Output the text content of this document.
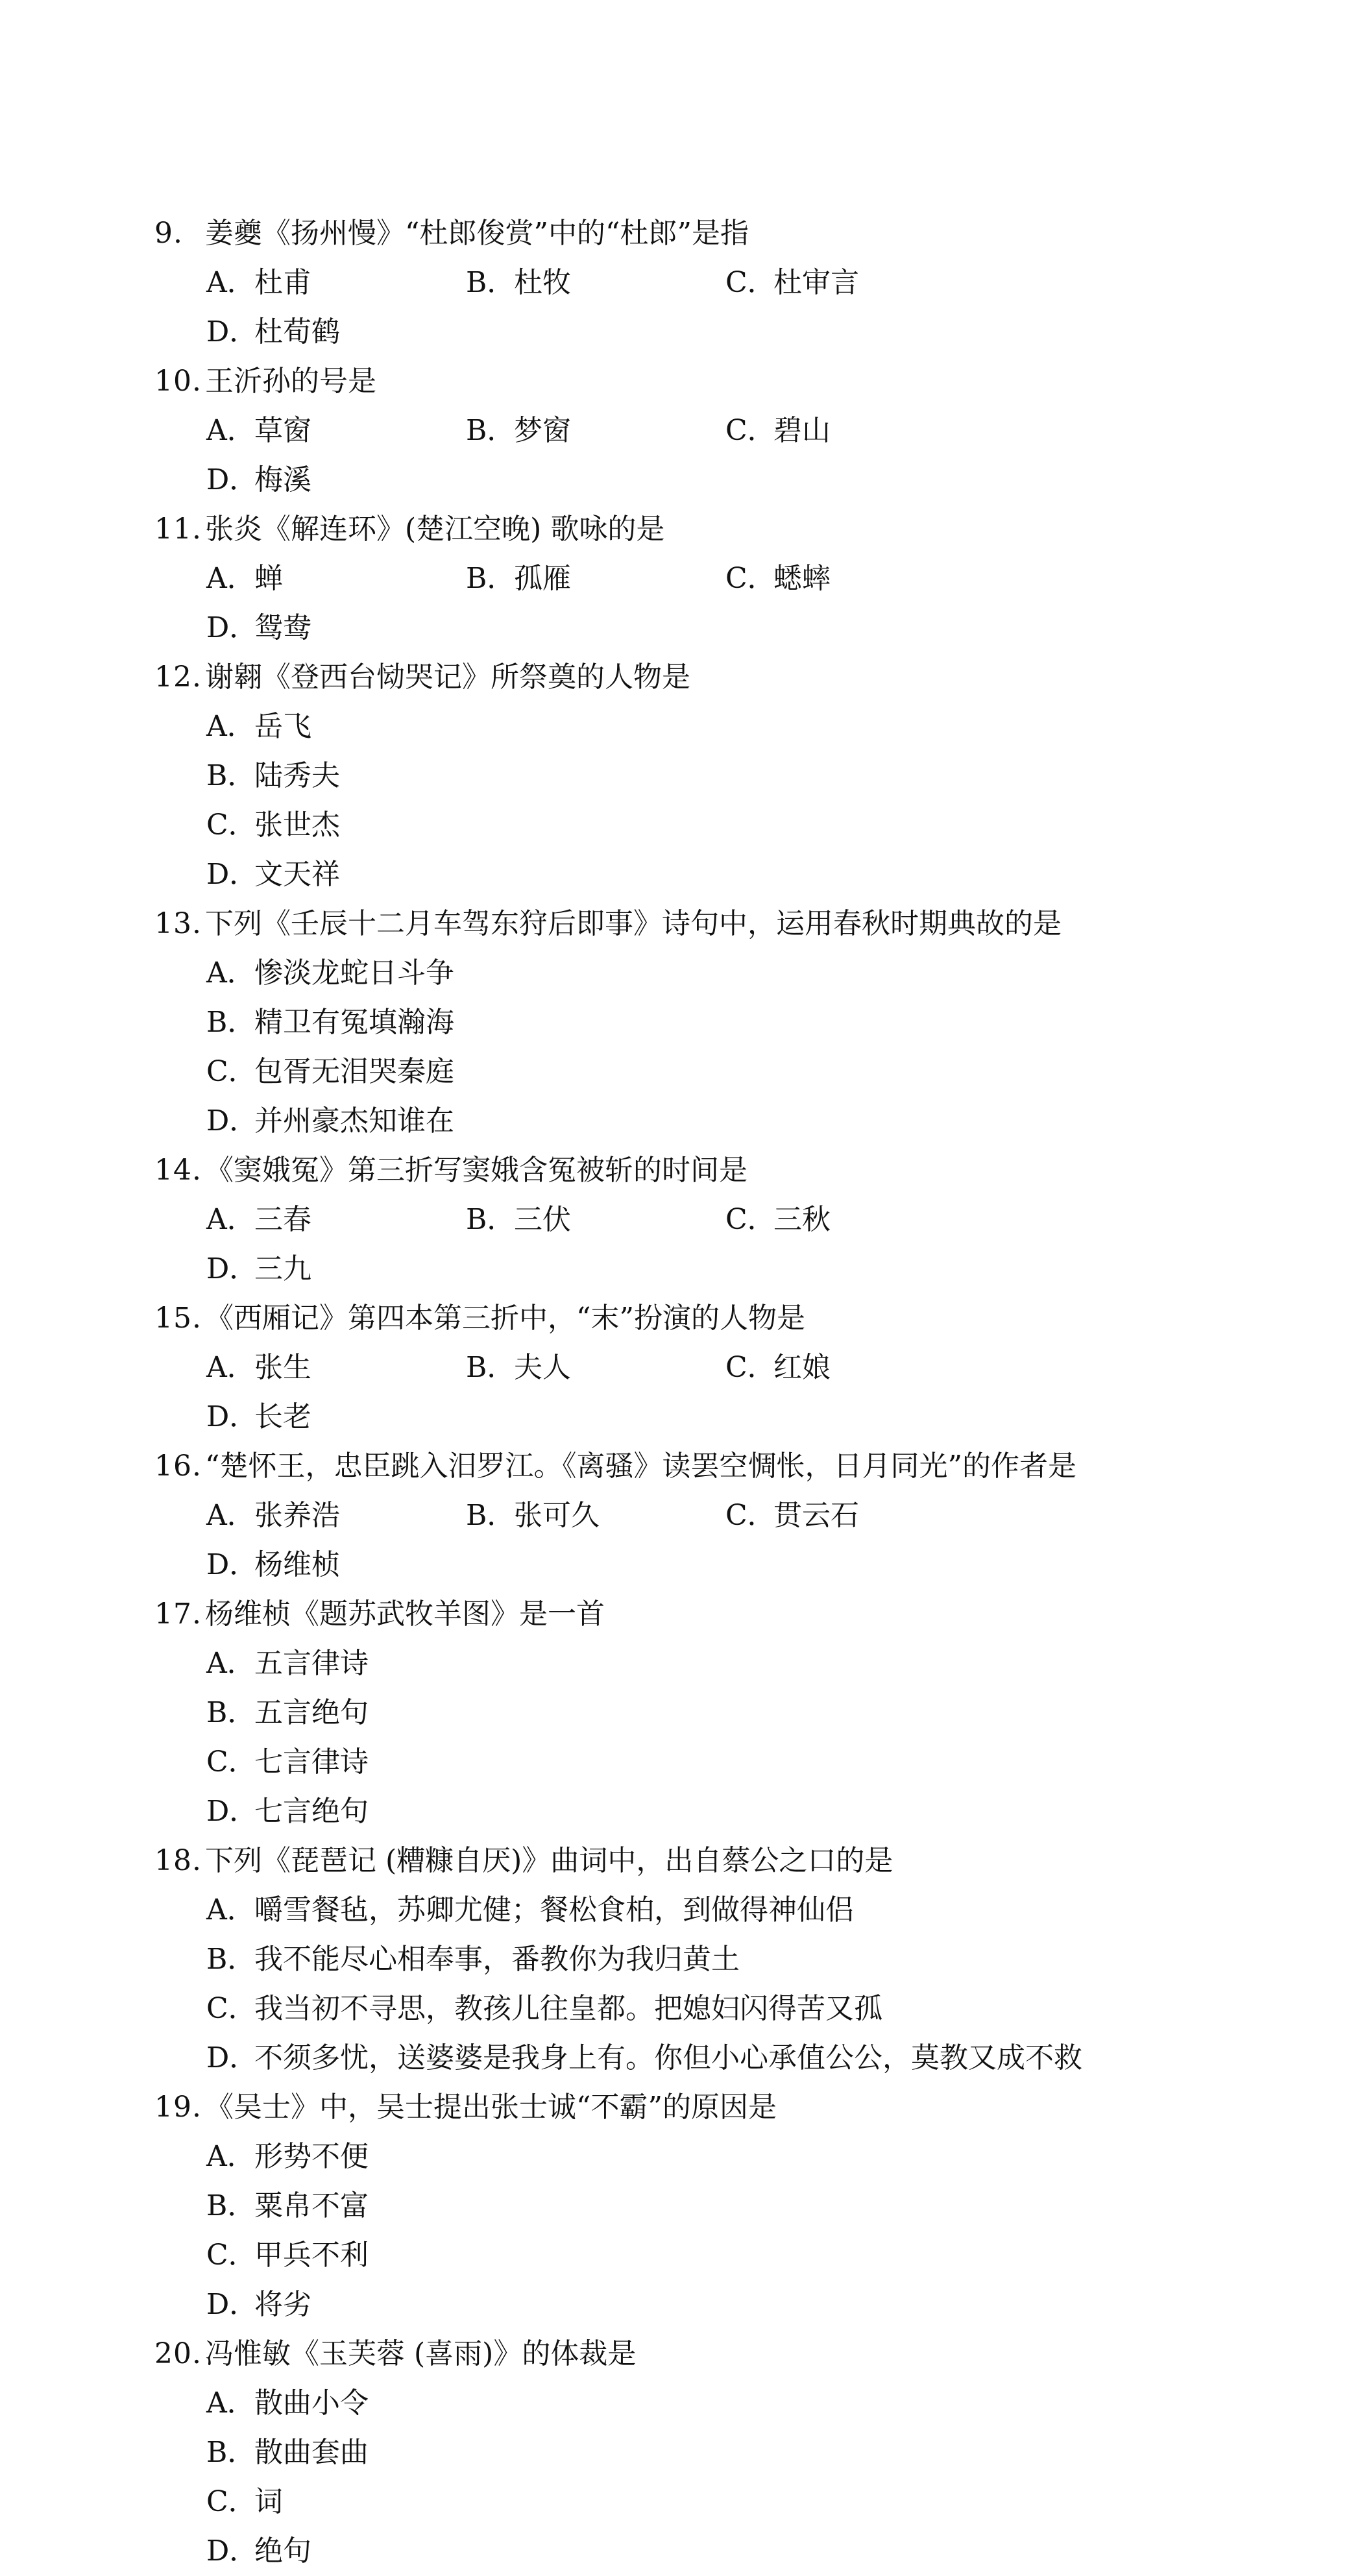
9. 姜夔《扬州慢》“杜郎俊赏”中的“杜郎”是指
A．杜甫	B．杜牧	C．杜审言
D．杜荀鹤
10. 王沂孙的号是
A．草窗	B．梦窗	C．碧山
D．梅溪
11. 张炎《解连环》(楚江空晚) 歌咏的是
A．蝉	B．孤雁	C．蟋蟀
D．鸳鸯
12. 谢翱《登西台恸哭记》所祭奠的人物是
A．岳飞
B．陆秀夫
C．张世杰
D．文天祥
13. 下列《壬辰十二月车驾东狩后即事》诗句中，运用春秋时期典故的是
A．惨淡龙蛇日斗争
B．精卫有冤填瀚海
C．包胥无泪哭秦庭
D．并州豪杰知谁在
14. 《窦娥冤》第三折写窦娥含冤被斩的时间是
A．三春	B．三伏	C．三秋
D．三九
15. 《西厢记》第四本第三折中，“末”扮演的人物是
A．张生	B．夫人	C．红娘
D．长老
16. “楚怀王，忠臣跳入汨罗江。《离骚》读罢空惆怅，日月同光”的作者是
A．张养浩	B．张可久	C．贯云石
D．杨维桢
17. 杨维桢《题苏武牧羊图》是一首
A．五言律诗
B．五言绝句
C．七言律诗
D．七言绝句
18. 下列《琵琶记 (糟糠自厌)》曲词中，出自蔡公之口的是
A．嚼雪餐毡，苏卿尤健；餐松食柏，到做得神仙侣
B．我不能尽心相奉事，番教你为我归黄土
C．我当初不寻思，教孩儿往皇都。把媳妇闪得苦又孤
D．不须多忧，送婆婆是我身上有。你但小心承值公公，莫教又成不救
19. 《吴士》中，吴士提出张士诚“不霸”的原因是
A．形势不便
B．粟帛不富
C．甲兵不利
D．将劣
20. 冯惟敏《玉芙蓉 (喜雨)》的体裁是
A．散曲小令
B．散曲套曲
C．词
D．绝句
